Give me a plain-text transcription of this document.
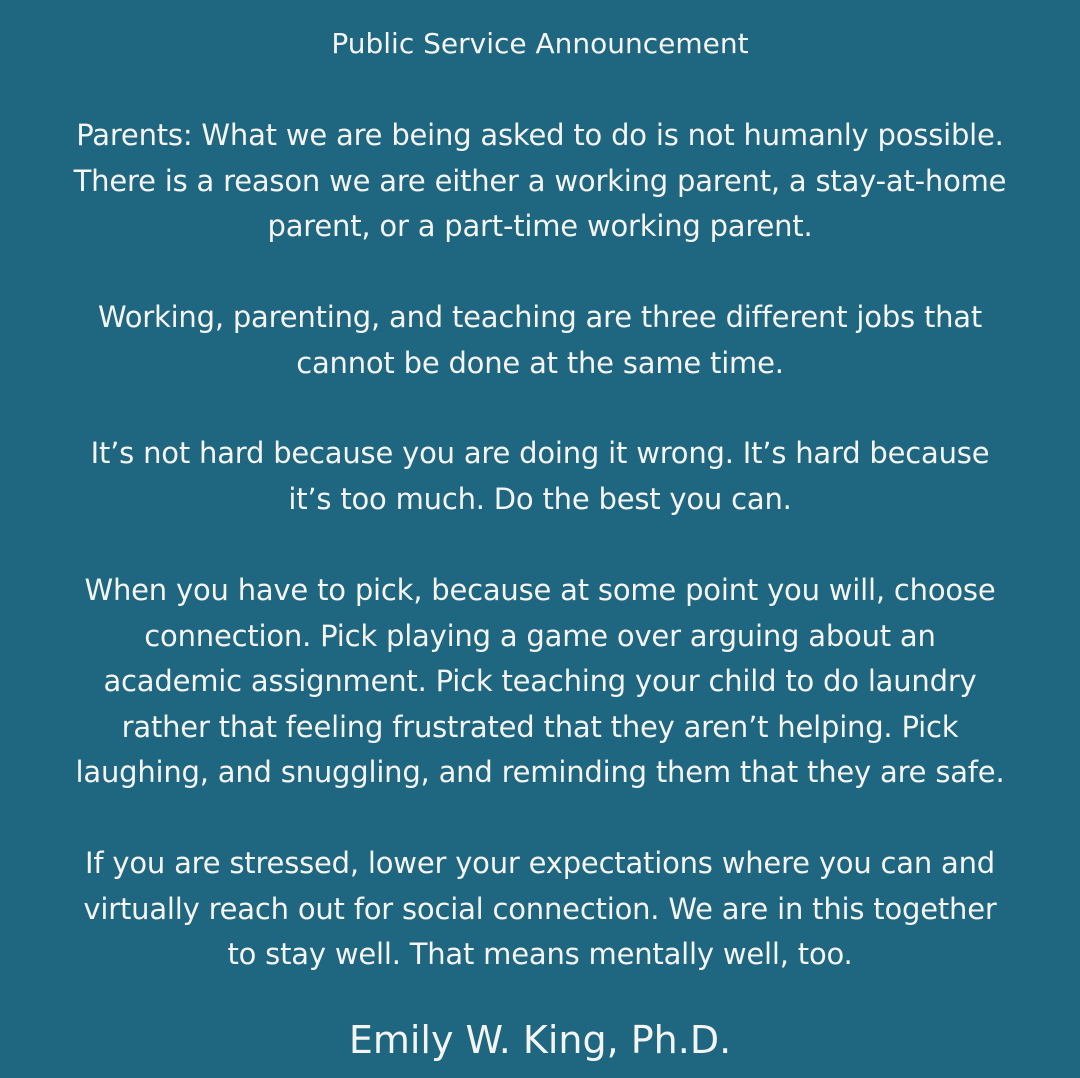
Public Service Announcement
Parents: What we are being asked to do is not humanly possible.
There is a reason we are either a working parent, a stay-at-home
parent, or a part-time working parent.
Working, parenting, and teaching are three different jobs that
cannot be done at the same time.
It’s not hard because you are doing it wrong. It’s hard because
it’s too much. Do the best you can.
When you have to pick, because at some point you will, choose
connection. Pick playing a game over arguing about an
academic assignment. Pick teaching your child to do laundry
rather that feeling frustrated that they aren’t helping. Pick
laughing, and snuggling, and reminding them that they are safe.
If you are stressed, lower your expectations where you can and
virtually reach out for social connection. We are in this together
to stay well. That means mentally well, too.
Emily W. King, Ph.D.
